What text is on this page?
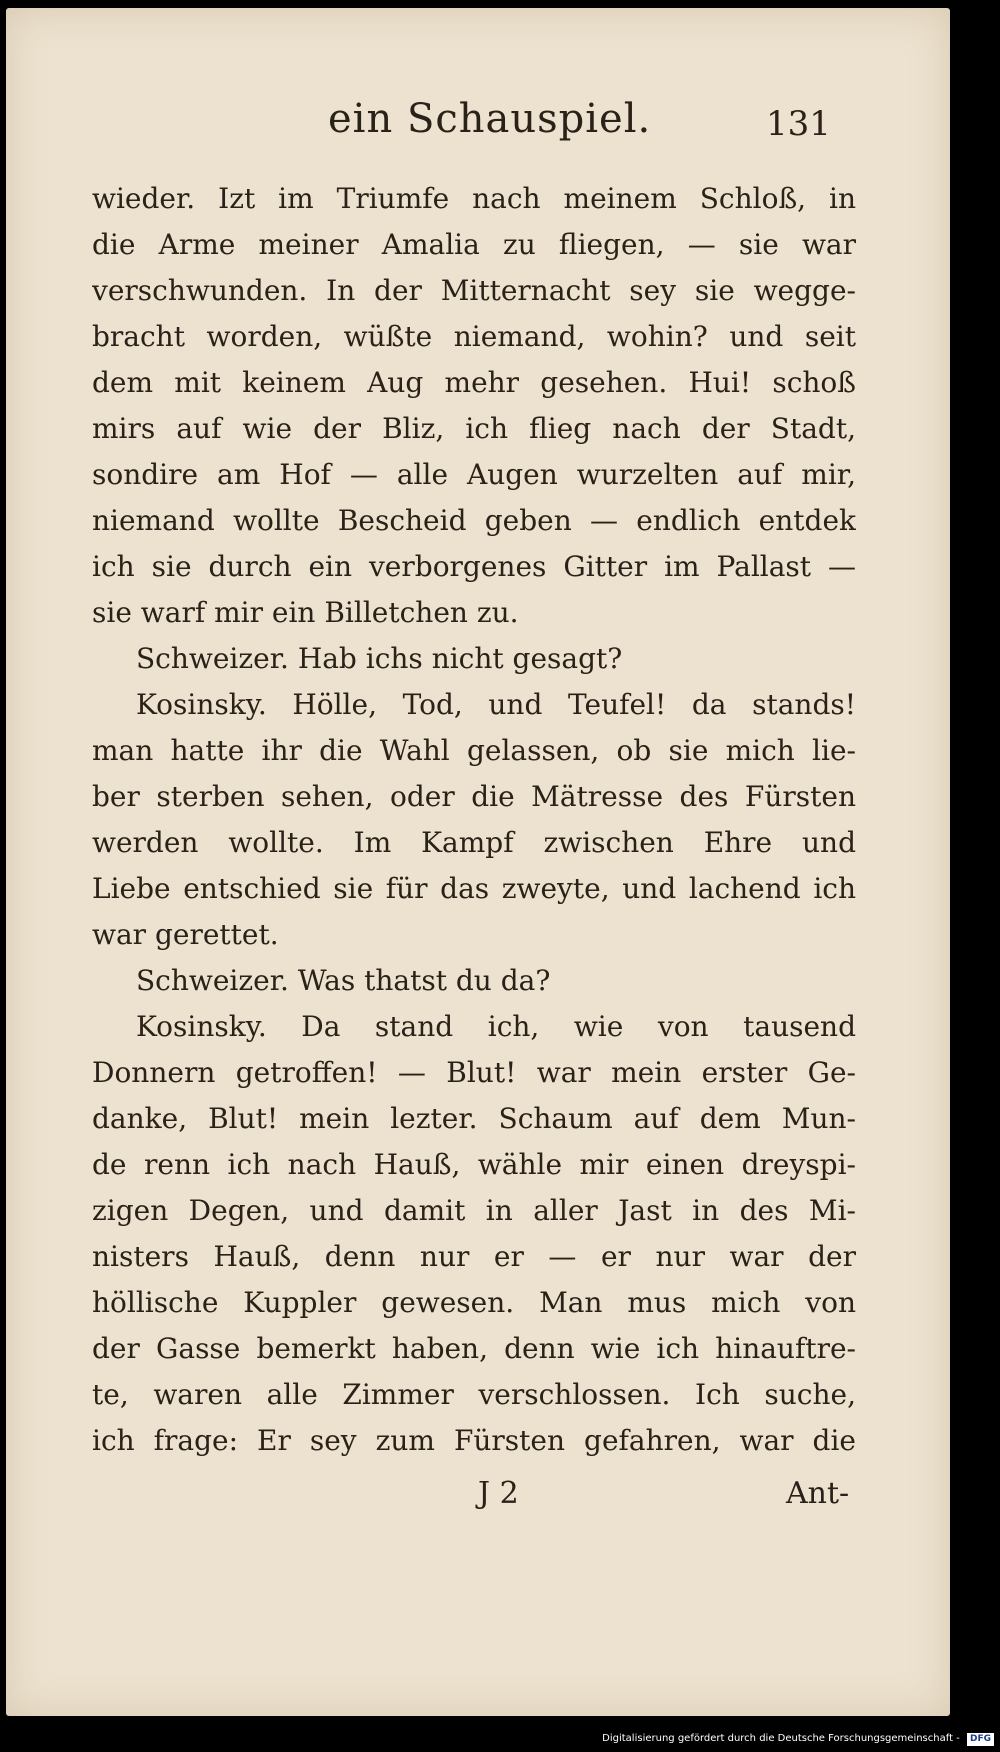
ein Schauspiel.	131
wieder. Izt im Triumfe nach meinem Schloß, in
die Arme meiner Amalia zu fliegen, — sie war
verschwunden. In der Mitternacht sey sie wegge-
bracht worden, wüßte niemand, wohin? und seit
dem mit keinem Aug mehr gesehen. Hui! schoß
mirs auf wie der Bliz, ich flieg nach der Stadt,
sondire am Hof — alle Augen wurzelten auf mir,
niemand wollte Bescheid geben — endlich entdek
ich sie durch ein verborgenes Gitter im Pallast —
sie warf mir ein Billetchen zu.
Schweizer. Hab ichs nicht gesagt?
Kosinsky. Hölle, Tod, und Teufel! da stands!
man hatte ihr die Wahl gelassen, ob sie mich lie-
ber sterben sehen, oder die Mätresse des Fürsten
werden wollte. Im Kampf zwischen Ehre und
Liebe entschied sie für das zweyte, und lachend ich
war gerettet.
Schweizer. Was thatst du da?
Kosinsky. Da stand ich, wie von tausend
Donnern getroffen! — Blut! war mein erster Ge-
danke, Blut! mein lezter. Schaum auf dem Mun-
de renn ich nach Hauß, wähle mir einen dreyspi-
zigen Degen, und damit in aller Jast in des Mi-
nisters Hauß, denn nur er — er nur war der
höllische Kuppler gewesen. Man mus mich von
der Gasse bemerkt haben, denn wie ich hinauftre-
te, waren alle Zimmer verschlossen. Ich suche,
ich frage: Er sey zum Fürsten gefahren, war die
J 2	Ant-
Digitalisierung gefördert durch die Deutsche Forschungsgemeinschaft - DFG
